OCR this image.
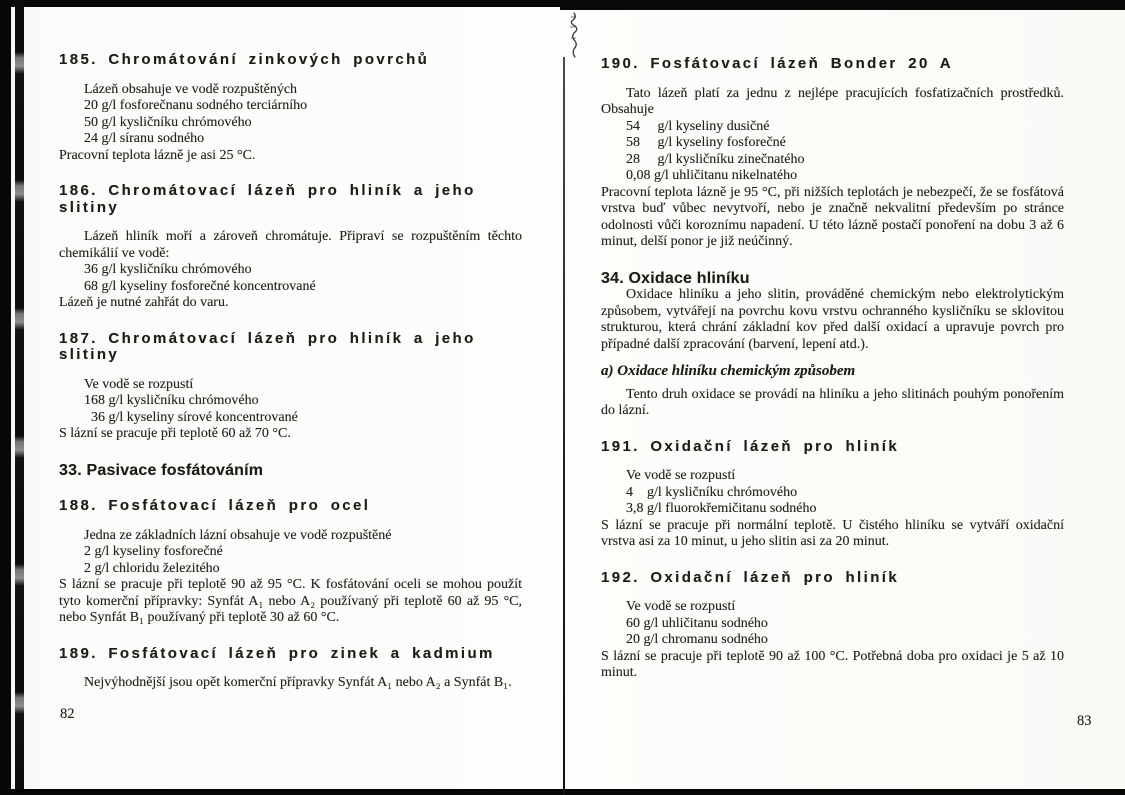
185. Chromátování zinkových povrchů
Lázeň obsahuje ve vodě rozpuštěných
20 g/l fosforečnanu sodného terciárního
50 g/l kysličníku chrómového
24 g/l síranu sodného
Pracovní teplota lázně je asi 25 °C.
186. Chromátovací lázeň pro hliník a jeho slitiny
Lázeň hliník moří a zároveň chromátuje. Připraví se rozpuštěním těchto chemikálií ve vodě:
36 g/l kysličníku chrómového
68 g/l kyseliny fosforečné koncentrované
Lázeň je nutné zahřát do varu.
187. Chromátovací lázeň pro hliník a jeho slitiny
Ve vodě se rozpustí
168 g/l kysličníku chrómového
36 g/l kyseliny sírové koncentrované
S lázní se pracuje při teplotě 60 až 70 °C.
33. Pasivace fosfátováním
188. Fosfátovací lázeň pro ocel
Jedna ze základních lázní obsahuje ve vodě rozpuštěné
2 g/l kyseliny fosforečné
2 g/l chloridu železitého
S lázní se pracuje při teplotě 90 až 95 °C. K fosfátování oceli se mohou použít tyto komerční přípravky: Synfát A₁ nebo A₂ používaný při teplotě 60 až 95 °C, nebo Synfát B₁ používaný při teplotě 30 až 60 °C.
189. Fosfátovací lázeň pro zinek a kadmium
Nejvýhodnější jsou opět komerční přípravky Synfát A₁ nebo A₂ a Synfát B₁.
190. Fosfátovací lázeň Bonder 20 A
Tato lázeň platí za jednu z nejlépe pracujících fosfatizačních prostředků. Obsahuje
54     g/l kyseliny dusičné
58     g/l kyseliny fosforečné
28     g/l kysličníku zinečnatého
0,08 g/l uhličitanu nikelnatého
Pracovní teplota lázně je 95 °C, při nižších teplotách je nebezpečí, že se fosfátová vrstva buď vůbec nevytvoří, nebo je značně nekvalitní především po stránce odolnosti vůči koroznímu napadení. U této lázně postačí ponoření na dobu 3 až 6 minut, delší ponor je již neúčinný.
34. Oxidace hliníku
Oxidace hliníku a jeho slitin, prováděné chemickým nebo elektrolytickým způsobem, vytvářejí na povrchu kovu vrstvu ochranného kysličníku se sklovitou strukturou, která chrání základní kov před další oxidací a upravuje povrch pro případné další zpracování (barvení, lepení atd.).
a) Oxidace hliníku chemickým způsobem
Tento druh oxidace se provádí na hliníku a jeho slitinách pouhým ponořením do lázní.
191. Oxidační lázeň pro hliník
Ve vodě se rozpustí
4    g/l kysličníku chrómového
3,8 g/l fluorokřemičitanu sodného
S lázní se pracuje při normální teplotě. U čistého hliníku se vytváří oxidační vrstva asi za 10 minut, u jeho slitin asi za 20 minut.
192. Oxidační lázeň pro hliník
Ve vodě se rozpustí
60 g/l uhličitanu sodného
20 g/l chromanu sodného
S lázní se pracuje při teplotě 90 až 100 °C. Potřebná doba pro oxidaci je 5 až 10 minut.
82	83
